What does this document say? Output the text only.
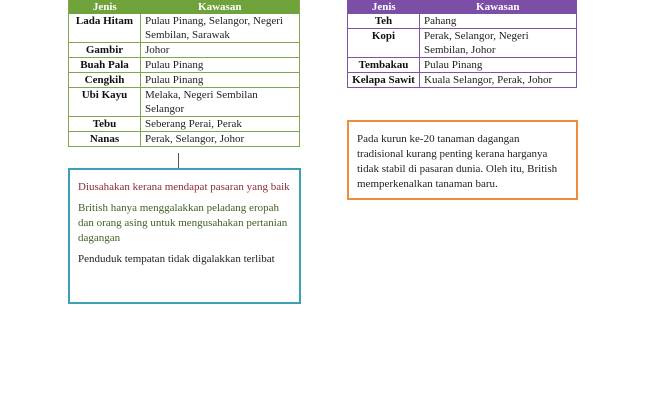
Jenis	Kawasan
Lada Hitam	Pulau Pinang, Selangor, Negeri Sembilan, Sarawak
Gambir	Johor
Buah Pala	Pulau Pinang
Cengkih	Pulau Pinang
Ubi Kayu	Melaka, Negeri Sembilan Selangor
Tebu	Seberang Perai, Perak
Nanas	Perak, Selangor, Johor
Jenis	Kawasan
Teh	Pahang
Kopi	Perak, Selangor, Negeri Sembilan, Johor
Tembakau	Pulau Pinang
Kelapa Sawit	Kuala Selangor, Perak, Johor

Diusahakan kerana mendapat pasaran yang baik

British hanya menggalakkan peladang eropah dan orang asing untuk mengusahakan pertanian dagangan

Penduduk tempatan tidak digalakkan terlibat

Pada kurun ke-20 tanaman dagangan tradisional kurang penting kerana harganya tidak stabil di pasaran dunia. Oleh itu, British memperkenalkan tanaman baru.
